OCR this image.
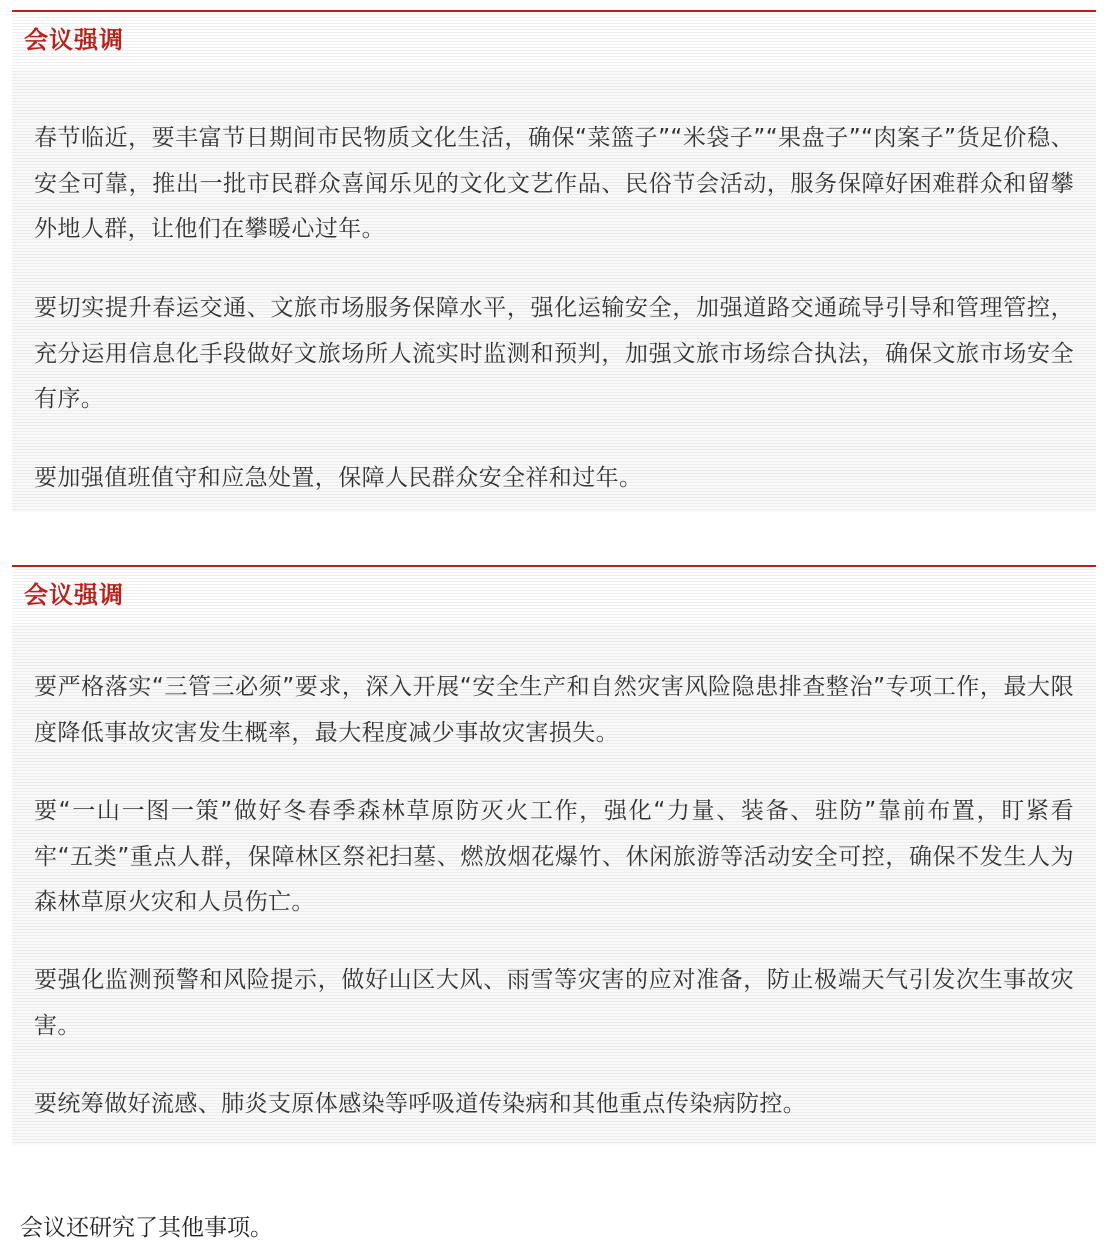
会议强调

春节临近，要丰富节日期间市民物质文化生活，确保“菜篮子”“米袋子”“果盘子”“肉案子”货足价稳、安全可靠，推出一批市民群众喜闻乐见的文化文艺作品、民俗节会活动，服务保障好困难群众和留攀外地人群，让他们在攀暖心过年。

要切实提升春运交通、文旅市场服务保障水平，强化运输安全，加强道路交通疏导引导和管理管控，充分运用信息化手段做好文旅场所人流实时监测和预判，加强文旅市场综合执法，确保文旅市场安全有序。

要加强值班值守和应急处置，保障人民群众安全祥和过年。

会议强调

要严格落实“三管三必须”要求，深入开展“安全生产和自然灾害风险隐患排查整治”专项工作，最大限度降低事故灾害发生概率，最大程度减少事故灾害损失。

要“一山一图一策”做好冬春季森林草原防灭火工作，强化“力量、装备、驻防”靠前布置，盯紧看牢“五类”重点人群，保障林区祭祀扫墓、燃放烟花爆竹、休闲旅游等活动安全可控，确保不发生人为森林草原火灾和人员伤亡。

要强化监测预警和风险提示，做好山区大风、雨雪等灾害的应对准备，防止极端天气引发次生事故灾害。

要统筹做好流感、肺炎支原体感染等呼吸道传染病和其他重点传染病防控。

会议还研究了其他事项。
